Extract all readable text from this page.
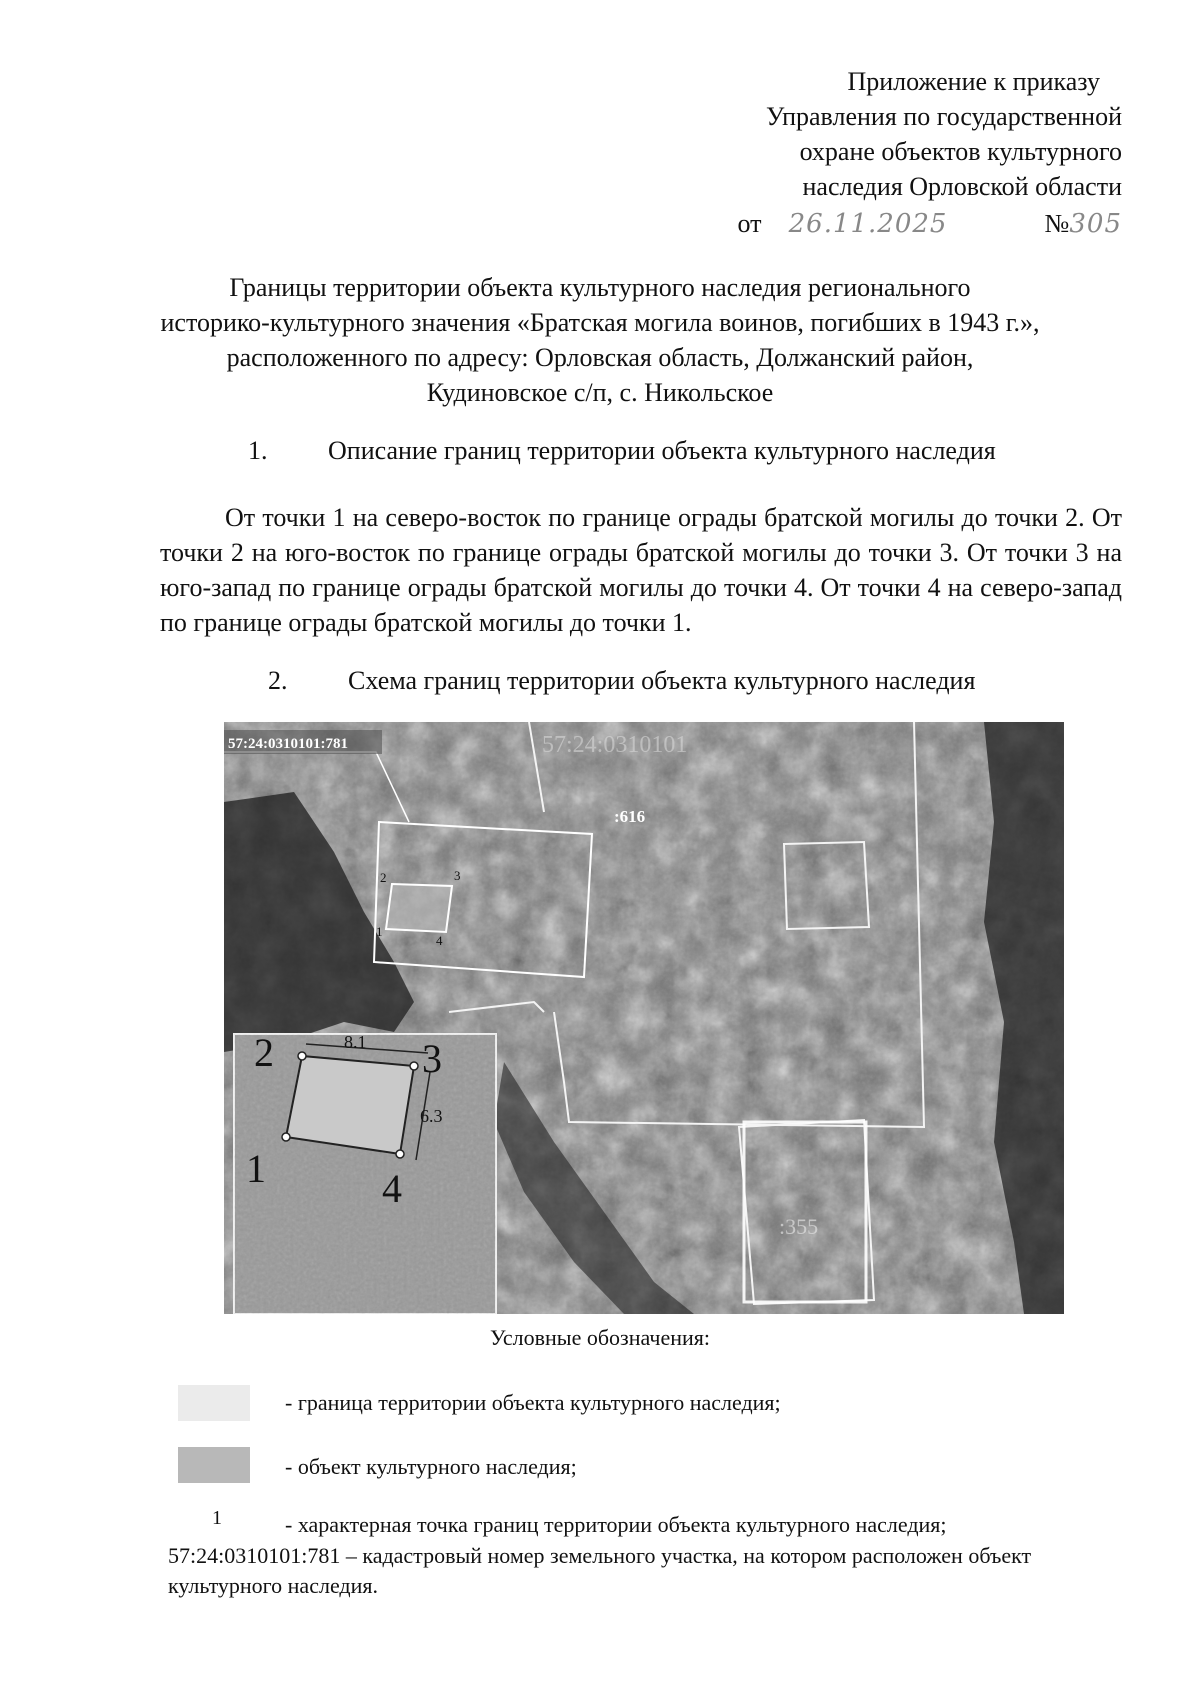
Приложение к приказу
Управления по государственной
охране объектов культурного
наследия Орловской области
от 26.11.2025	№305
Границы территории объекта культурного наследия регионального
историко-культурного значения «Братская могила воинов, погибших в 1943 г.»,
расположенного по адресу: Орловская область, Должанский район,
Кудиновское с/п, с. Никольское
1. Описание границ территории объекта культурного наследия
От точки 1 на северо-восток по границе ограды братской могилы до точки 2. От точки 2 на юго-восток по границе ограды братской могилы до точки 3. От точки 3 на юго-запад по границе ограды братской могилы до точки 4. От точки 4 на северо-запад по границе ограды братской могилы до точки 1.
2. Схема границ территории объекта культурного наследия
57:24:0310101:781	57:24:0310101
:616
:355
1
2	3
4
1
2	3
4
8.1
6.3
Условные обозначения:
- граница территории объекта культурного наследия;
- объект культурного наследия;
1	- характерная точка границ территории объекта культурного наследия;
57:24:0310101:781 – кадастровый номер земельного участка, на котором расположен объект культурного наследия.
